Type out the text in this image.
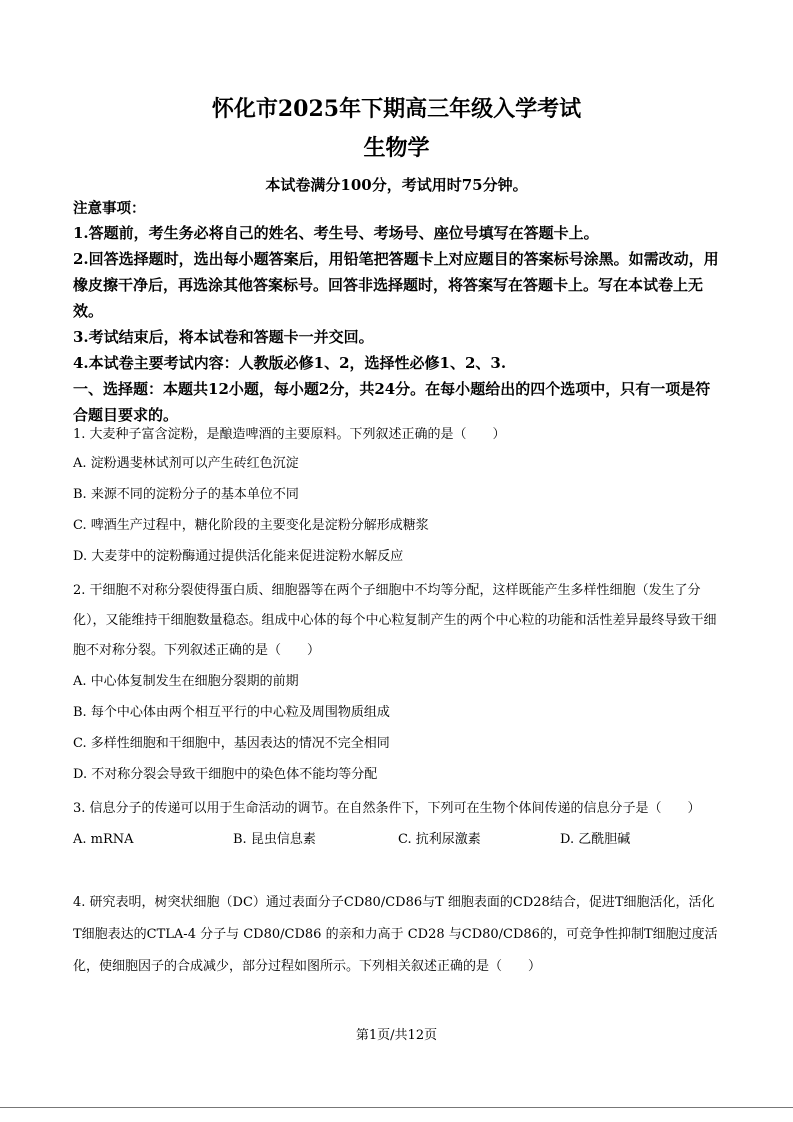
怀化市2025年下期高三年级入学考试
生物学
本试卷满分100分，考试用时75分钟。
注意事项：
1.答题前，考生务必将自己的姓名、考生号、考场号、座位号填写在答题卡上。
2.回答选择题时，选出每小题答案后，用铅笔把答题卡上对应题目的答案标号涂黑。如需改动，用橡皮擦干净后，再选涂其他答案标号。回答非选择题时，将答案写在答题卡上。写在本试卷上无效。
3.考试结束后，将本试卷和答题卡一并交回。
4.本试卷主要考试内容：人教版必修1、2，选择性必修1、2、3.
一、选择题：本题共12小题，每小题2分，共24分。在每小题给出的四个选项中，只有一项是符合题目要求的。
1. 大麦种子富含淀粉，是酿造啤酒的主要原料。下列叙述正确的是（　　）
A. 淀粉遇斐林试剂可以产生砖红色沉淀
B. 来源不同的淀粉分子的基本单位不同
C. 啤酒生产过程中，糖化阶段的主要变化是淀粉分解形成糖浆
D. 大麦芽中的淀粉酶通过提供活化能来促进淀粉水解反应
2. 干细胞不对称分裂使得蛋白质、细胞器等在两个子细胞中不均等分配，这样既能产生多样性细胞（发生了分化），又能维持干细胞数量稳态。组成中心体的每个中心粒复制产生的两个中心粒的功能和活性差异最终导致干细胞不对称分裂。下列叙述正确的是（　　）
A. 中心体复制发生在细胞分裂期的前期
B. 每个中心体由两个相互平行的中心粒及周围物质组成
C. 多样性细胞和干细胞中，基因表达的情况不完全相同
D. 不对称分裂会导致干细胞中的染色体不能均等分配
3. 信息分子的传递可以用于生命活动的调节。在自然条件下，下列可在生物个体间传递的信息分子是（　　）
A. mRNA	B. 昆虫信息素	C. 抗利尿激素	D. 乙酰胆碱
4. 研究表明，树突状细胞（DC）通过表面分子CD80/CD86与T 细胞表面的CD28结合，促进T细胞活化，活化T细胞表达的CTLA-4 分子与 CD80/CD86 的亲和力高于 CD28 与CD80/CD86的，可竞争性抑制T细胞过度活化，使细胞因子的合成减少，部分过程如图所示。下列相关叙述正确的是（　　）
第1页/共12页
